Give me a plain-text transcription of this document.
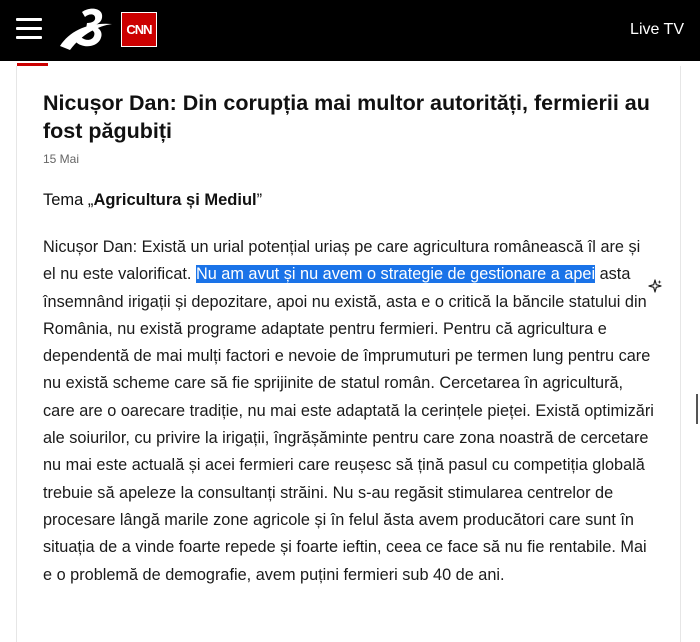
CNN	Live TV
Nicușor Dan: Din corupția mai multor autorități, fermierii au fost păgubiți
15 Mai
Tema „Agricultura și Mediul”

Nicușor Dan: Există un urial potențial uriaș pe care agricultura românească îl are și el nu este valorificat. Nu am avut și nu avem o strategie de gestionare a apei asta însemnând irigații și depozitare, apoi nu există, asta e o critică la băncile statului din România, nu există programe adaptate pentru fermieri. Pentru că agricultura e dependentă de mai mulți factori e nevoie de împrumuturi pe termen lung pentru care nu există scheme care să fie sprijinite de statul român. Cercetarea în agricultură, care are o oarecare tradiție, nu mai este adaptată la cerințele pieței. Există optimizări ale soiurilor, cu privire la irigații, îngrășăminte pentru care zona noastră de cercetare nu mai este actuală și acei fermieri care reușesc să țină pasul cu competiția globală trebuie să apeleze la consultanți străini. Nu s-au regăsit stimularea centrelor de procesare lângă marile zone agricole și în felul ăsta avem producători care sunt în situația de a vinde foarte repede și foarte ieftin, ceea ce face să nu fie rentabile. Mai e o problemă de demografie, avem puțini fermieri sub 40 de ani.
